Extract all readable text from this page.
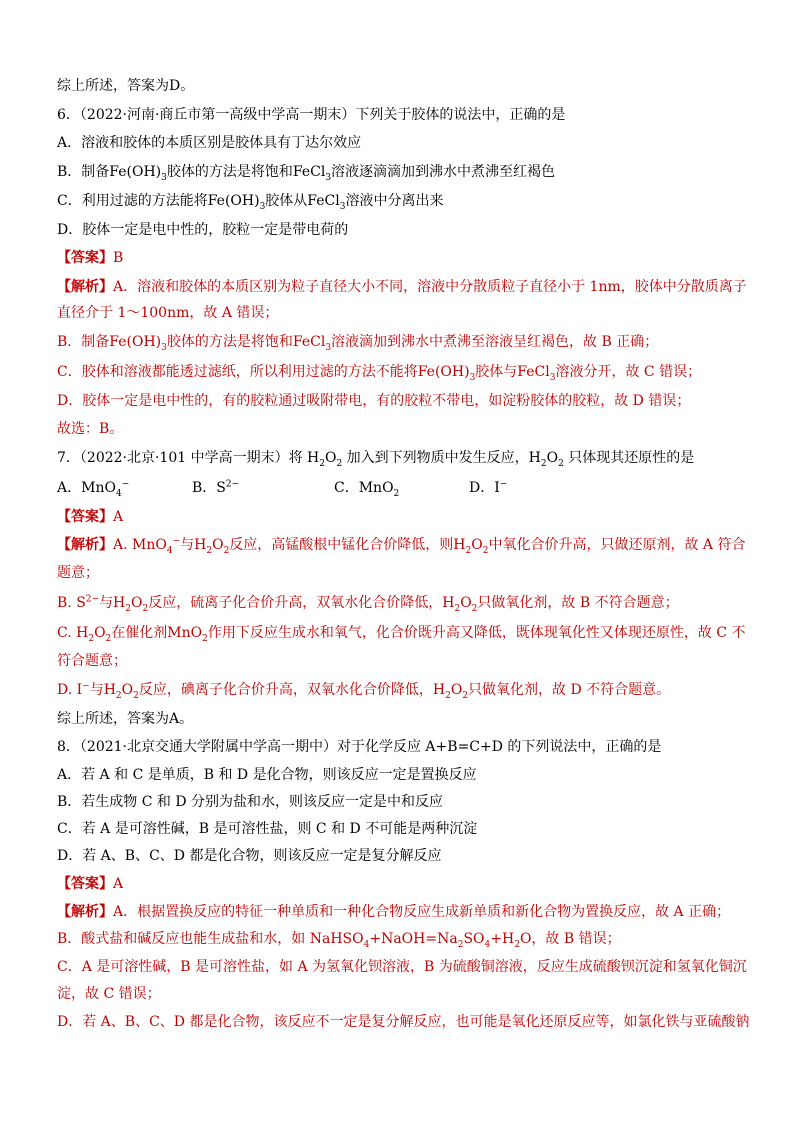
综上所述，答案为D。
6．（2022·河南·商丘市第一高级中学高一期末）下列关于胶体的说法中，正确的是
A．溶液和胶体的本质区别是胶体具有丁达尔效应
B．制备$Fe(OH)_3$胶体的方法是将饱和FeCl$_3$溶液逐滴滴加到沸水中煮沸至红褐色
C．利用过滤的方法能将$Fe(OH)_3$胶体从FeCl$_3$溶液中分离出来
D．胶体一定是电中性的，胶粒一定是带电荷的
【答案】B
【解析】A．溶液和胶体的本质区别为粒子直径大小不同，溶液中分散质粒子直径小于 1nm，胶体中分散质离子
直径介于 1～100nm，故 A 错误；
B．制备$Fe(OH)_3$胶体的方法是将饱和FeCl$_3$溶液滴加到沸水中煮沸至溶液呈红褐色，故 B 正确；
C．胶体和溶液都能透过滤纸，所以利用过滤的方法不能将$Fe(OH)_3$胶体与FeCl$_3$溶液分开，故 C 错误；
D．胶体一定是电中性的，有的胶粒通过吸附带电，有的胶粒不带电，如淀粉胶体的胶粒，故 D 错误；
故选：B。
7．（2022·北京·101 中学高一期末）将 $H_2O_2$ 加入到下列物质中发生反应，$H_2O_2$ 只体现其还原性的是
A．MnO$_4$−	B．$S^{2-}$	C．MnO$_2$	D．I−
【答案】A
【解析】A. MnO$_4$−与$H_2O_2$反应，高锰酸根中锰化合价降低，则$H_2O_2$中氧化合价升高，只做还原剂，故 A 符合
题意；
B. $S^{2-}$与$H_2O_2$反应，硫离子化合价升高，双氧水化合价降低，$H_2O_2$只做氧化剂，故 B 不符合题意；
C. $H_2O_2$在催化剂MnO$_2$作用下反应生成水和氧气，化合价既升高又降低，既体现氧化性又体现还原性，故 C 不
符合题意；
D. I−与$H_2O_2$反应，碘离子化合价升高，双氧水化合价降低，$H_2O_2$只做氧化剂，故 D 不符合题意。
综上所述，答案为A。
8．（2021·北京交通大学附属中学高一期中）对于化学反应 A+B=C+D 的下列说法中，正确的是
A．若 A 和 C 是单质，B 和 D 是化合物，则该反应一定是置换反应
B．若生成物 C 和 D 分别为盐和水，则该反应一定是中和反应
C．若 A 是可溶性碱，B 是可溶性盐，则 C 和 D 不可能是两种沉淀
D．若 A、B、C、D 都是化合物，则该反应一定是复分解反应
【答案】A
【解析】A．根据置换反应的特征一种单质和一种化合物反应生成新单质和新化合物为置换反应，故 A 正确；
B．酸式盐和碱反应也能生成盐和水，如 $NaHSO_4+NaOH=Na_2SO_4+H_2O$，故 B 错误；
C．A 是可溶性碱，B 是可溶性盐，如 A 为氢氧化钡溶液，B 为硫酸铜溶液，反应生成硫酸钡沉淀和氢氧化铜沉
淀，故 C 错误；
D．若 A、B、C、D 都是化合物，该反应不一定是复分解反应，也可能是氧化还原反应等，如氯化铁与亚硫酸钠
